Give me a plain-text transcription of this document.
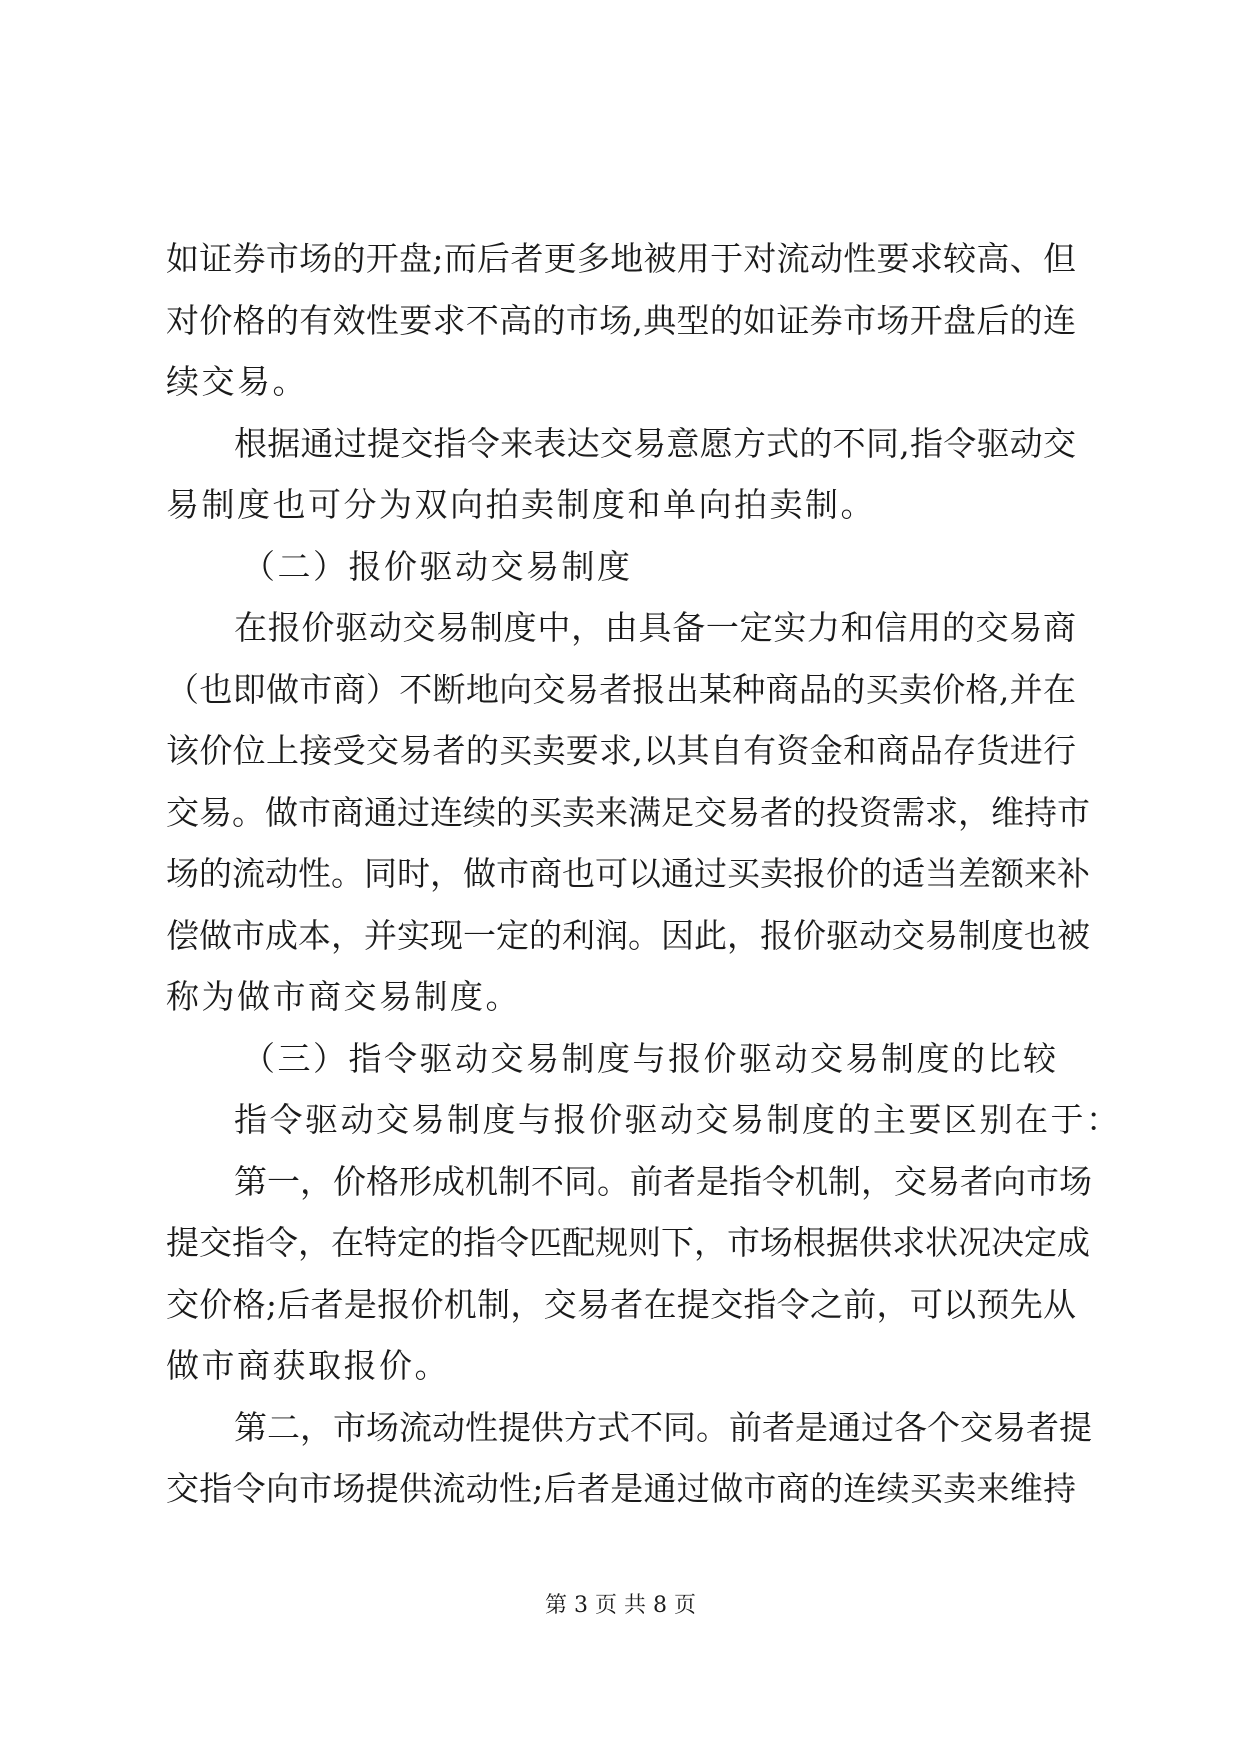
如证券市场的开盘;而后者更多地被用于对流动性要求较高、但
对价格的有效性要求不高的市场,典型的如证券市场开盘后的连
续交易。
根据通过提交指令来表达交易意愿方式的不同,指令驱动交
易制度也可分为双向拍卖制度和单向拍卖制。
（二）报价驱动交易制度
在报价驱动交易制度中，由具备一定实力和信用的交易商
（也即做市商）不断地向交易者报出某种商品的买卖价格,并在
该价位上接受交易者的买卖要求,以其自有资金和商品存货进行
交易。做市商通过连续的买卖来满足交易者的投资需求，维持市
场的流动性。同时，做市商也可以通过买卖报价的适当差额来补
偿做市成本，并实现一定的利润。因此，报价驱动交易制度也被
称为做市商交易制度。
（三）指令驱动交易制度与报价驱动交易制度的比较
指令驱动交易制度与报价驱动交易制度的主要区别在于：
第一，价格形成机制不同。前者是指令机制，交易者向市场
提交指令，在特定的指令匹配规则下，市场根据供求状况决定成
交价格;后者是报价机制，交易者在提交指令之前，可以预先从
做市商获取报价。
第二，市场流动性提供方式不同。前者是通过各个交易者提
交指令向市场提供流动性;后者是通过做市商的连续买卖来维持
第 3 页 共 8 页
